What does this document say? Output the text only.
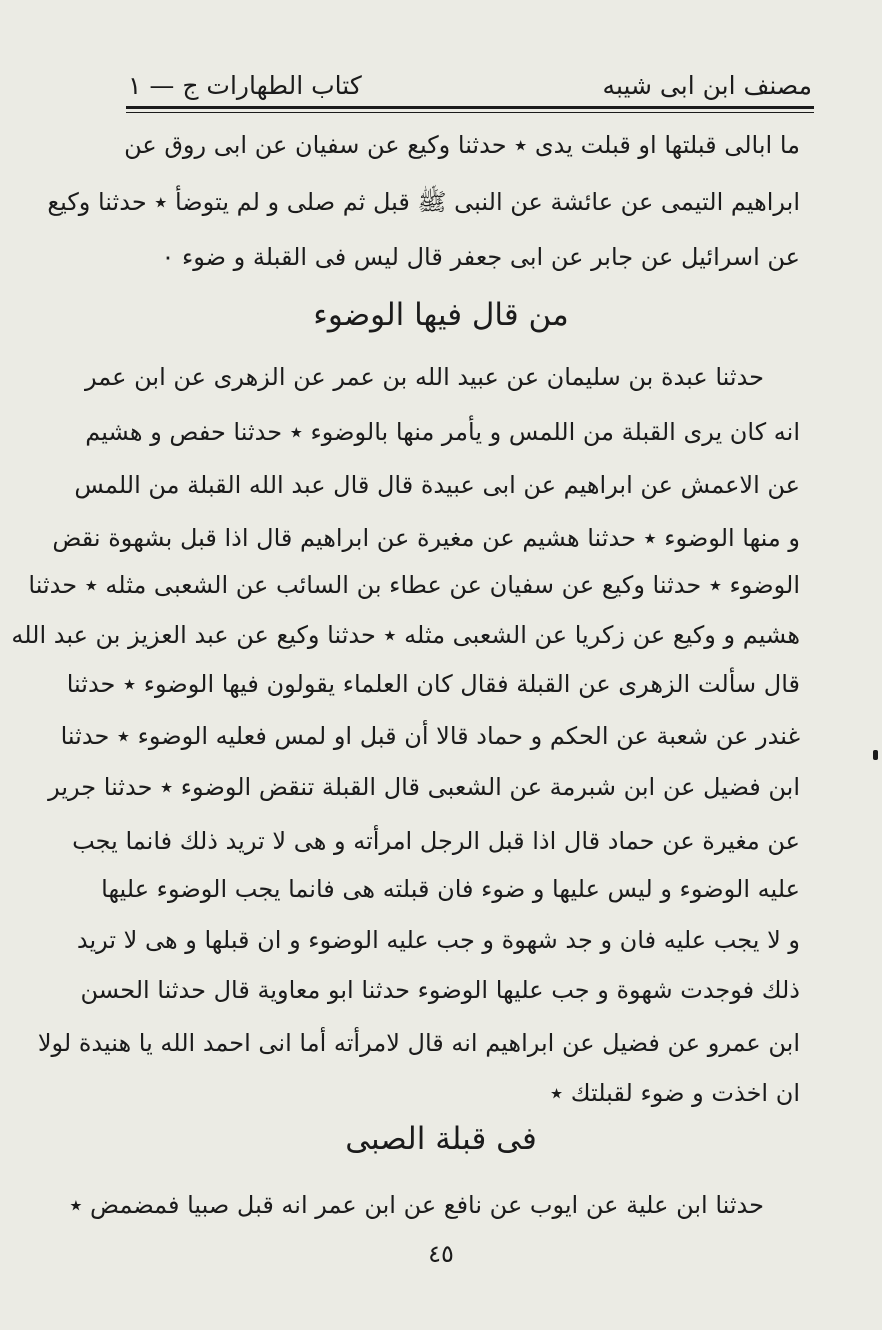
مصنف ابن ابى شيبه
كتاب الطهارات ج — ١
ما ابالى قبلتها او قبلت يدى ٭ حدثنا وكيع عن سفيان عن ابى روق عن
ابراهيم التيمى عن عائشة عن النبى ﷺ قبل ثم صلى و لم يتوضأ ٭ حدثنا وكيع
عن اسرائيل عن جابر عن ابى جعفر قال ليس فى القبلة و ضوء ٠
من قال فيها الوضوء
حدثنا عبدة بن سليمان عن عبيد الله بن عمر عن الزهرى عن ابن عمر
انه كان يرى القبلة من اللمس و يأمر منها بالوضوء ٭ حدثنا حفص و هشيم
عن الاعمش عن ابراهيم عن ابى عبيدة قال قال عبد الله القبلة من اللمس
و منها الوضوء ٭ حدثنا هشيم عن مغيرة عن ابراهيم قال اذا قبل بشهوة نقض
الوضوء ٭ حدثنا وكيع عن سفيان عن عطاء بن السائب عن الشعبى مثله ٭ حدثنا
هشيم و وكيع عن زكريا عن الشعبى مثله ٭ حدثنا وكيع عن عبد العزيز بن عبد الله
قال سألت الزهرى عن القبلة فقال كان العلماء يقولون فيها الوضوء ٭ حدثنا
غندر عن شعبة عن الحكم و حماد قالا أن قبل او لمس فعليه الوضوء ٭ حدثنا
ابن فضيل عن ابن شبرمة عن الشعبى قال القبلة تنقض الوضوء ٭ حدثنا جرير
عن مغيرة عن حماد قال اذا قبل الرجل امرأته و هى لا تريد ذلك فانما يجب
عليه الوضوء و ليس عليها و ضوء فان قبلته هى فانما يجب الوضوء عليها
و لا يجب عليه فان و جد شهوة و جب عليه الوضوء و ان قبلها و هى لا تريد
ذلك فوجدت شهوة و جب عليها الوضوء حدثنا ابو معاوية قال حدثنا الحسن
ابن عمرو عن فضيل عن ابراهيم انه قال لامرأته أما انى احمد الله يا هنيدة لولا
ان اخذت و ضوء لقبلتك ٭
فى قبلة الصبى
حدثنا ابن علية عن ايوب عن نافع عن ابن عمر انه قبل صبيا فمضمض ٭
٤٥
